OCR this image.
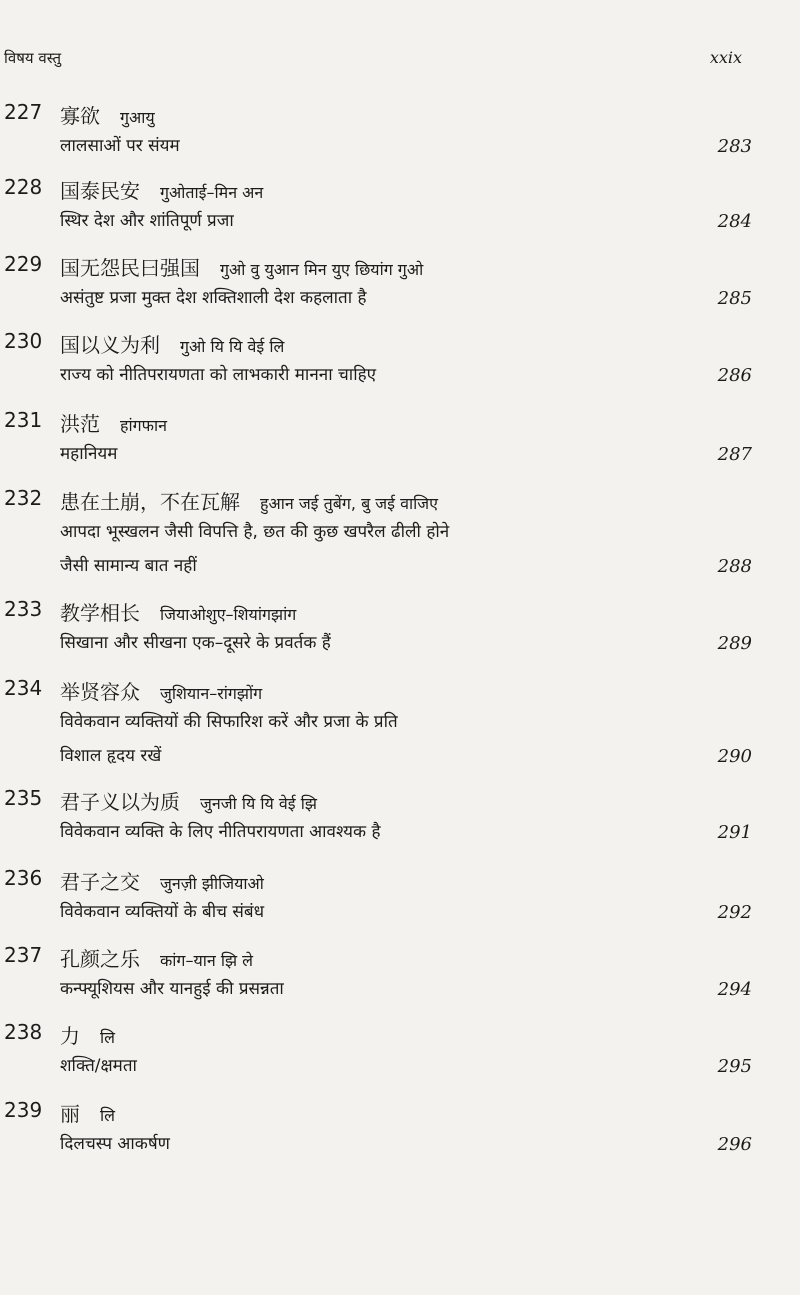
विषय वस्तु	xxix
227 寡欲 गुआयु
लालसाओं पर संयम	283
228 国泰民安 गुओताई–मिन अन
स्थिर देश और शांतिपूर्ण प्रजा	284
229 国无怨民曰强国 गुओ वु युआन मिन युए छियांग गुओ
असंतुष्ट प्रजा मुक्त देश शक्तिशाली देश कहलाता है	285
230 国以义为利 गुओ यि यि वेई लि
राज्य को नीतिपरायणता को लाभकारी मानना चाहिए	286
231 洪范 हांगफान
महानियम	287
232 患在土崩，不在瓦解 हुआन जई तुबेंग, बु जई वाजिए
आपदा भूस्खलन जैसी विपत्ति है, छत की कुछ खपरैल ढीली होने
जैसी सामान्य बात नहीं	288
233 教学相长 जियाओशुए–शियांगझांग
सिखाना और सीखना एक–दूसरे के प्रवर्तक हैं	289
234 举贤容众 जुशियान–रांगझोंग
विवेकवान व्यक्तियों की सिफारिश करें और प्रजा के प्रति
विशाल हृदय रखें	290
235 君子义以为质 जुनजी यि यि वेई झि
विवेकवान व्यक्ति के लिए नीतिपरायणता आवश्यक है	291
236 君子之交 जुनज़ी झीजियाओ
विवेकवान व्यक्तियों के बीच संबंध	292
237 孔颜之乐 कांग–यान झि ले
कन्फ्यूशियस और यानहुई की प्रसन्नता	294
238 力 लि
शक्ति/क्षमता	295
239 丽 लि
दिलचस्प आकर्षण	296
